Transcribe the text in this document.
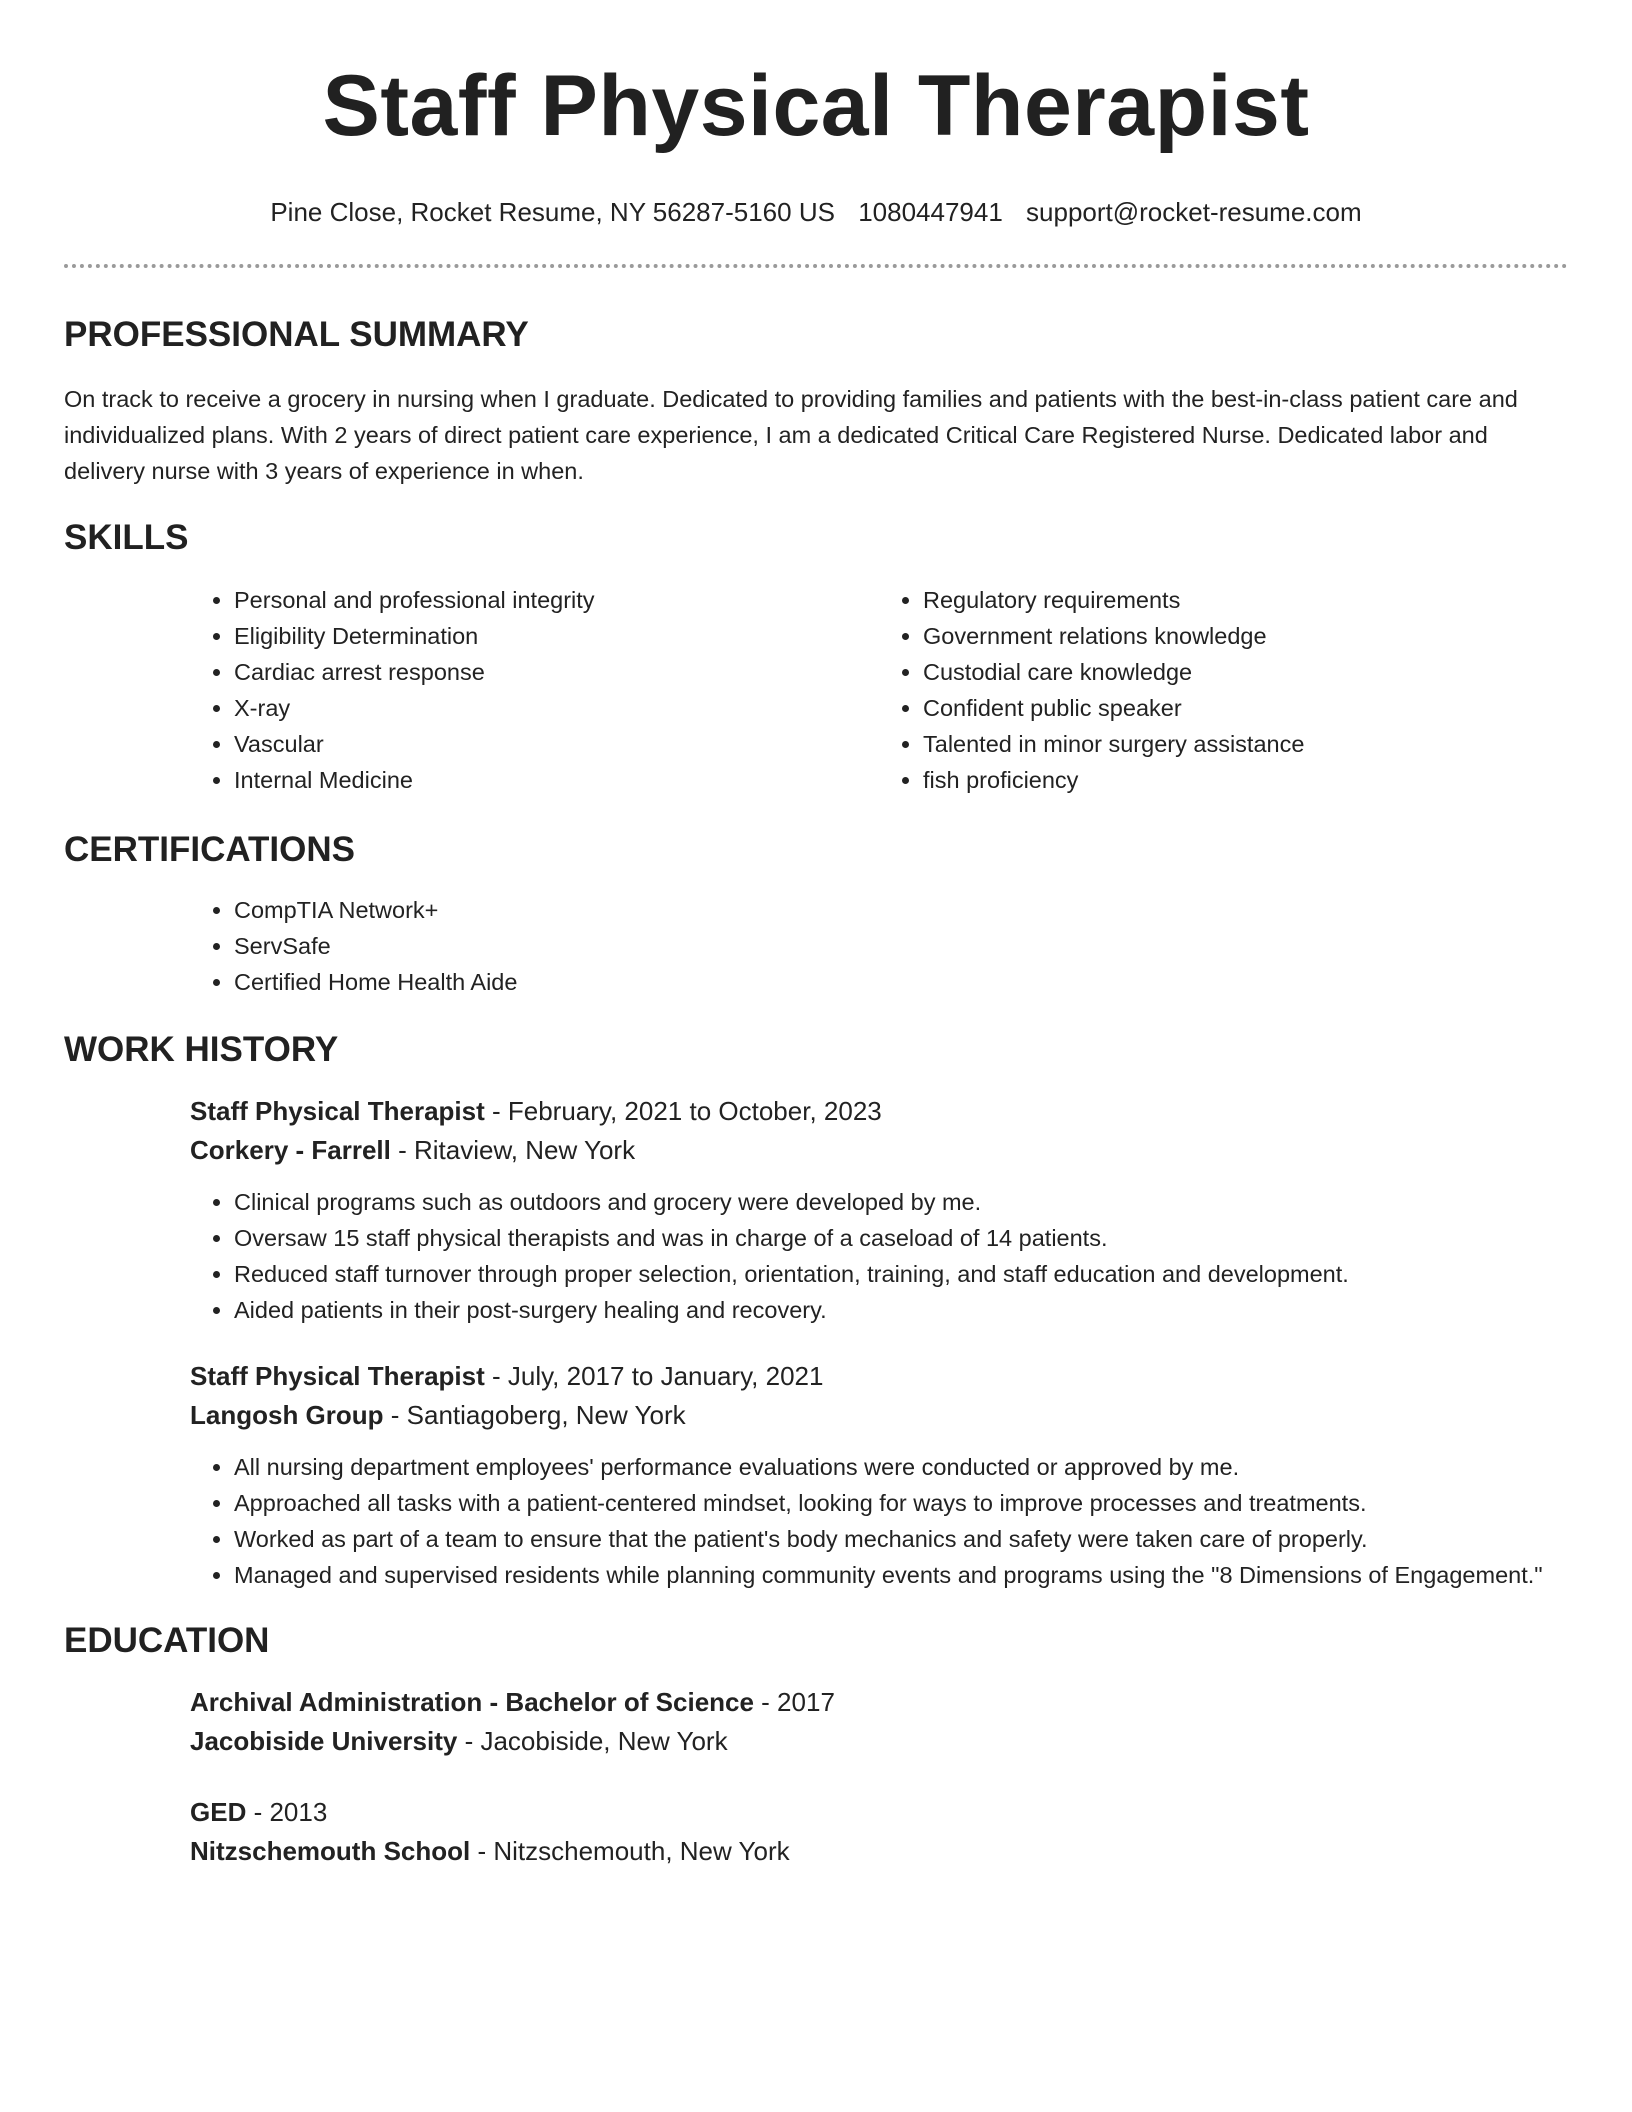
Staff Physical Therapist
Pine Close, Rocket Resume, NY 56287-5160 US 1080447941 support@rocket-resume.com
PROFESSIONAL SUMMARY

On track to receive a grocery in nursing when I graduate. Dedicated to providing families and patients with the best-in-class patient care and individualized plans. With 2 years of direct patient care experience, I am a dedicated Critical Care Registered Nurse. Dedicated labor and delivery nurse with 3 years of experience in when.

SKILLS
• Personal and professional integrity
• Eligibility Determination
• Cardiac arrest response
• X-ray
• Vascular
• Internal Medicine
• Regulatory requirements
• Government relations knowledge
• Custodial care knowledge
• Confident public speaker
• Talented in minor surgery assistance
• fish proficiency
CERTIFICATIONS
• CompTIA Network+
• ServSafe
• Certified Home Health Aide
WORK HISTORY
Staff Physical Therapist - February, 2021 to October, 2023
Corkery - Farrell - Ritaview, New York
• Clinical programs such as outdoors and grocery were developed by me.
• Oversaw 15 staff physical therapists and was in charge of a caseload of 14 patients.
• Reduced staff turnover through proper selection, orientation, training, and staff education and development.
• Aided patients in their post-surgery healing and recovery.
Staff Physical Therapist - July, 2017 to January, 2021
Langosh Group - Santiagoberg, New York
• All nursing department employees' performance evaluations were conducted or approved by me.
• Approached all tasks with a patient-centered mindset, looking for ways to improve processes and treatments.
• Worked as part of a team to ensure that the patient's body mechanics and safety were taken care of properly.
• Managed and supervised residents while planning community events and programs using the "8 Dimensions of Engagement."
EDUCATION
Archival Administration - Bachelor of Science - 2017
Jacobiside University - Jacobiside, New York
GED - 2013
Nitzschemouth School - Nitzschemouth, New York
